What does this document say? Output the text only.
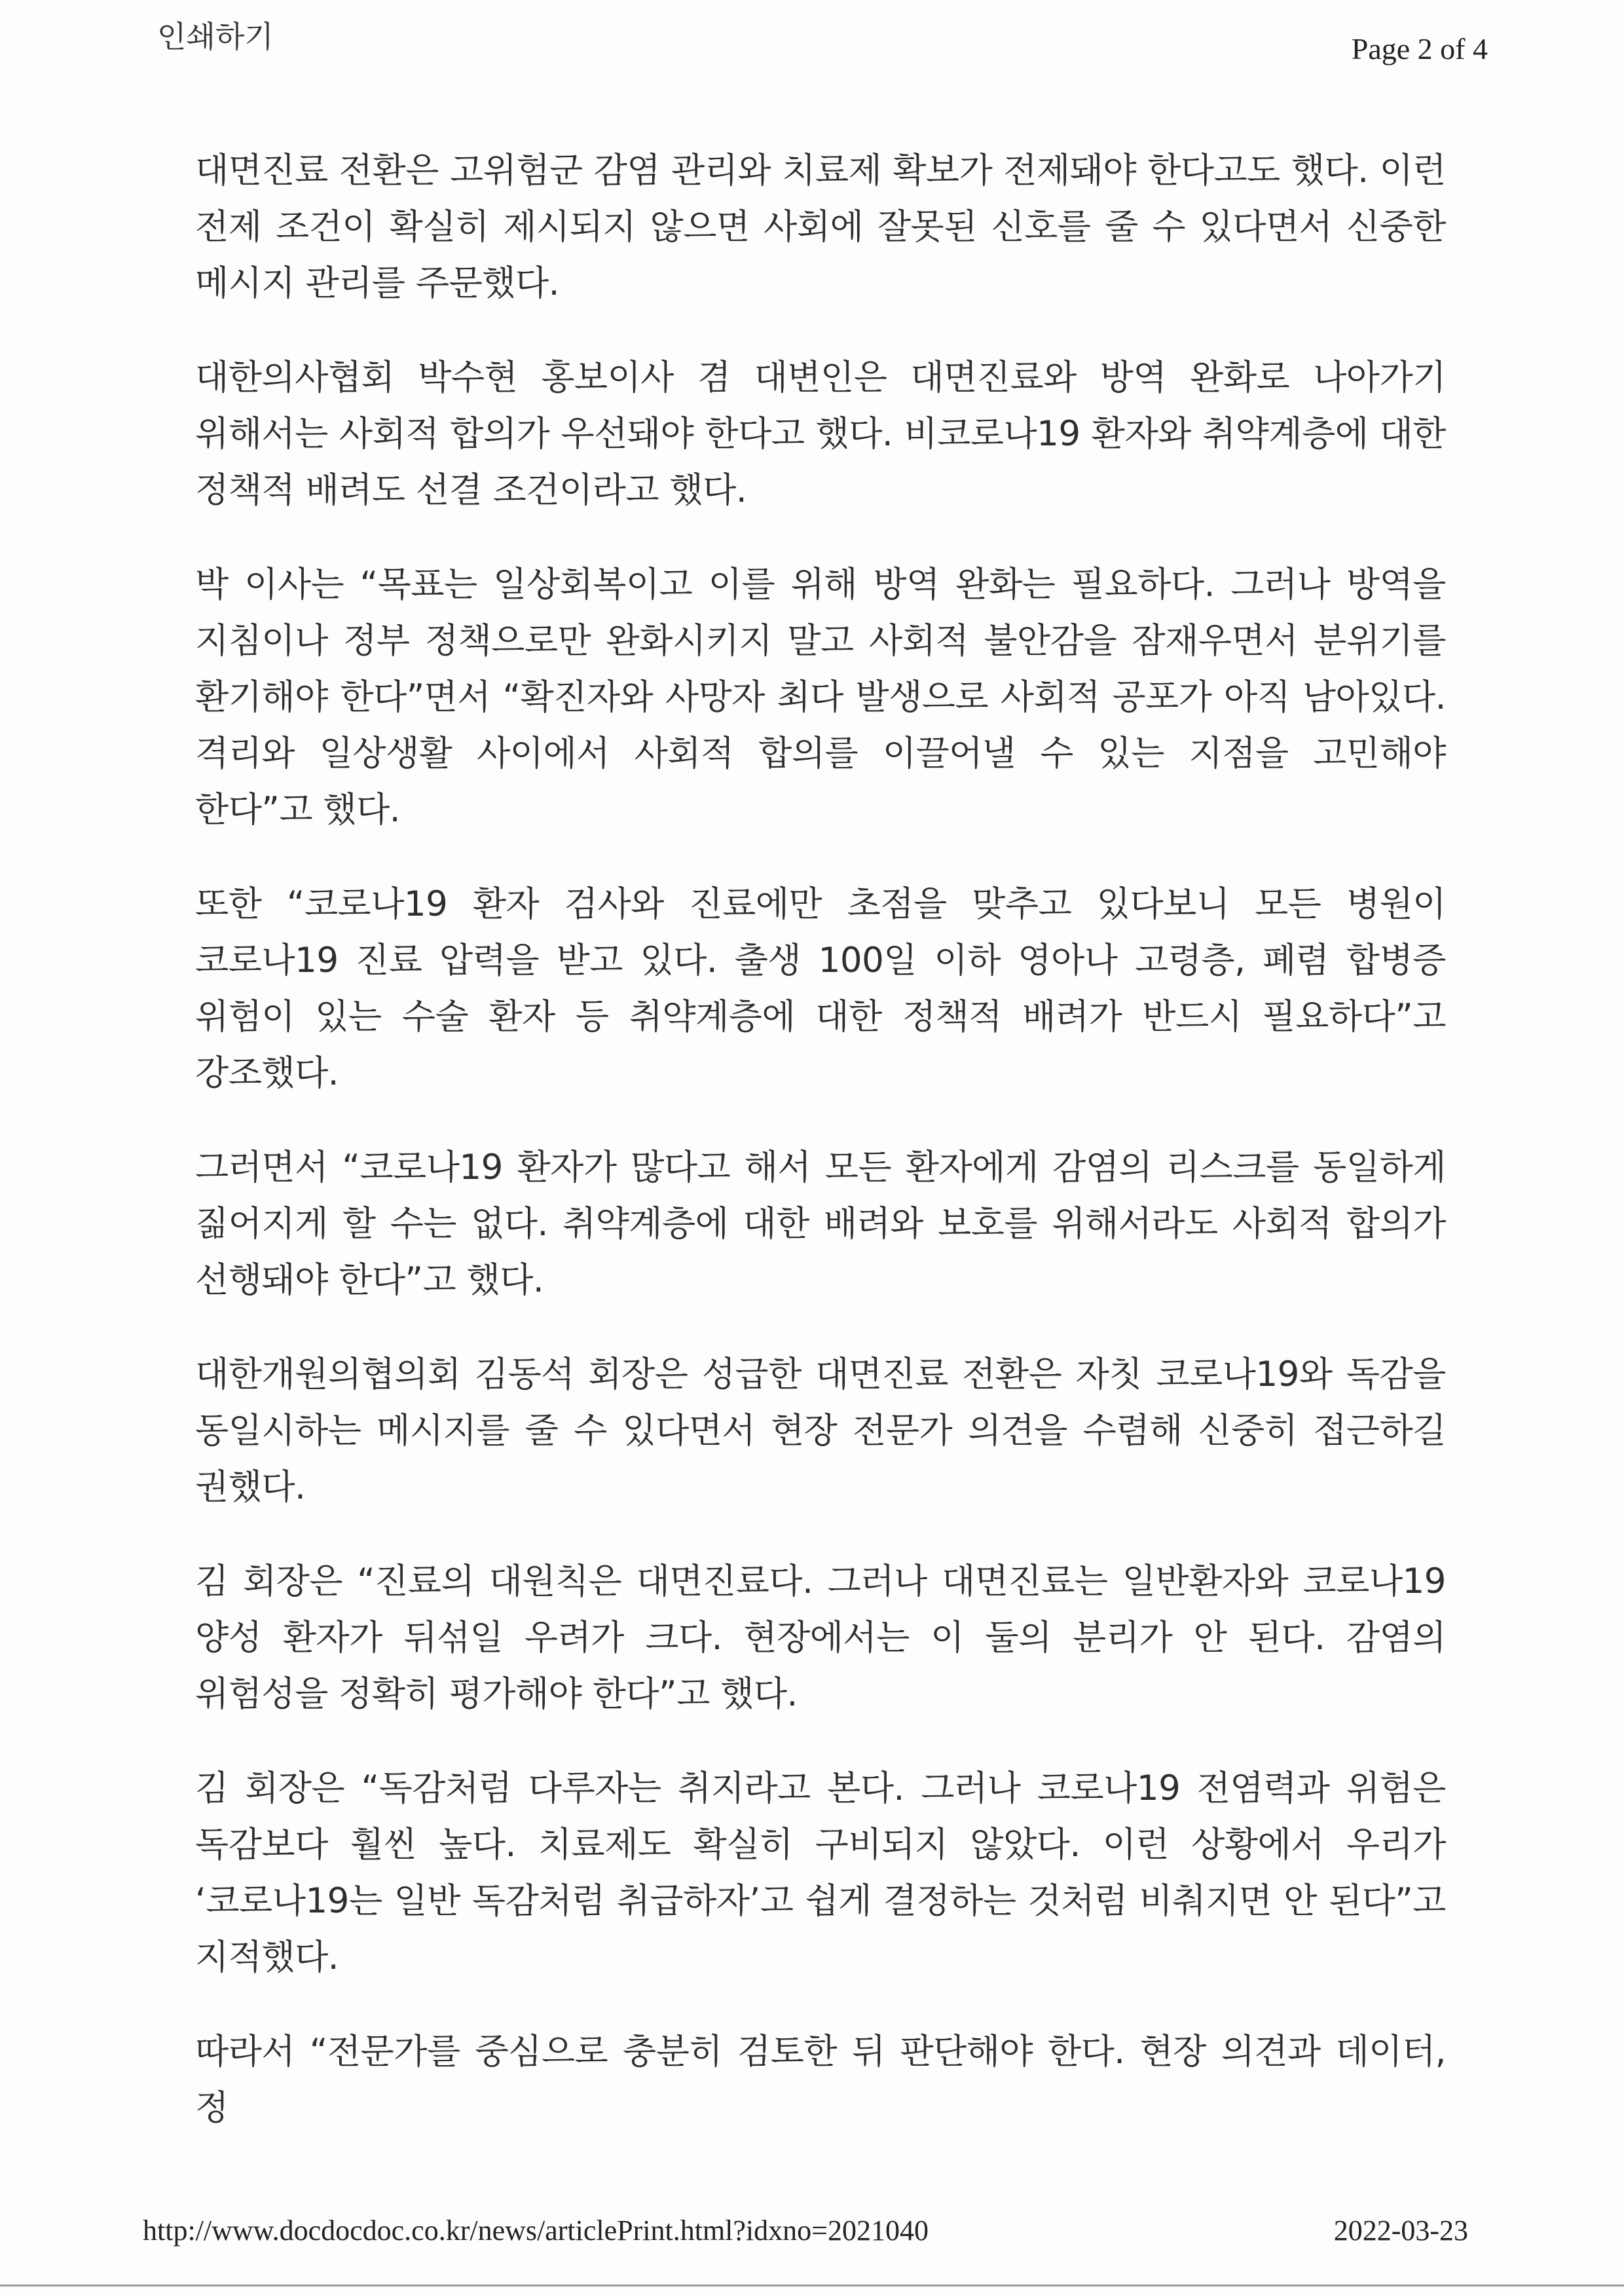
인쇄하기	Page 2 of 4

대면진료 전환은 고위험군 감염 관리와 치료제 확보가 전제돼야 한다고도 했다. 이런 전제 조건이 확실히 제시되지 않으면 사회에 잘못된 신호를 줄 수 있다면서 신중한 메시지 관리를 주문했다.

대한의사협회 박수현 홍보이사 겸 대변인은 대면진료와 방역 완화로 나아가기 위해서는 사회적 합의가 우선돼야 한다고 했다. 비코로나19 환자와 취약계층에 대한 정책적 배려도 선결 조건이라고 했다.

박 이사는 “목표는 일상회복이고 이를 위해 방역 완화는 필요하다. 그러나 방역을 지침이나 정부 정책으로만 완화시키지 말고 사회적 불안감을 잠재우면서 분위기를 환기해야 한다”면서 “확진자와 사망자 최다 발생으로 사회적 공포가 아직 남아있다. 격리와 일상생활 사이에서 사회적 합의를 이끌어낼 수 있는 지점을 고민해야 한다”고 했다.

또한 “코로나19 환자 검사와 진료에만 초점을 맞추고 있다보니 모든 병원이 코로나19 진료 압력을 받고 있다. 출생 100일 이하 영아나 고령층, 폐렴 합병증 위험이 있는 수술 환자 등 취약계층에 대한 정책적 배려가 반드시 필요하다”고 강조했다.

그러면서 “코로나19 환자가 많다고 해서 모든 환자에게 감염의 리스크를 동일하게 짊어지게 할 수는 없다. 취약계층에 대한 배려와 보호를 위해서라도 사회적 합의가 선행돼야 한다”고 했다.

대한개원의협의회 김동석 회장은 성급한 대면진료 전환은 자칫 코로나19와 독감을 동일시하는 메시지를 줄 수 있다면서 현장 전문가 의견을 수렴해 신중히 접근하길 권했다.

김 회장은 “진료의 대원칙은 대면진료다. 그러나 대면진료는 일반환자와 코로나19 양성 환자가 뒤섞일 우려가 크다. 현장에서는 이 둘의 분리가 안 된다. 감염의 위험성을 정확히 평가해야 한다”고 했다.

김 회장은 “독감처럼 다루자는 취지라고 본다. 그러나 코로나19 전염력과 위험은 독감보다 훨씬 높다. 치료제도 확실히 구비되지 않았다. 이런 상황에서 우리가 ‘코로나19는 일반 독감처럼 취급하자’고 쉽게 결정하는 것처럼 비춰지면 안 된다”고 지적했다.

따라서 “전문가를 중심으로 충분히 검토한 뒤 판단해야 한다. 현장 의견과 데이터, 정

http://www.docdocdoc.co.kr/news/articlePrint.html?idxno=2021040	2022-03-23
